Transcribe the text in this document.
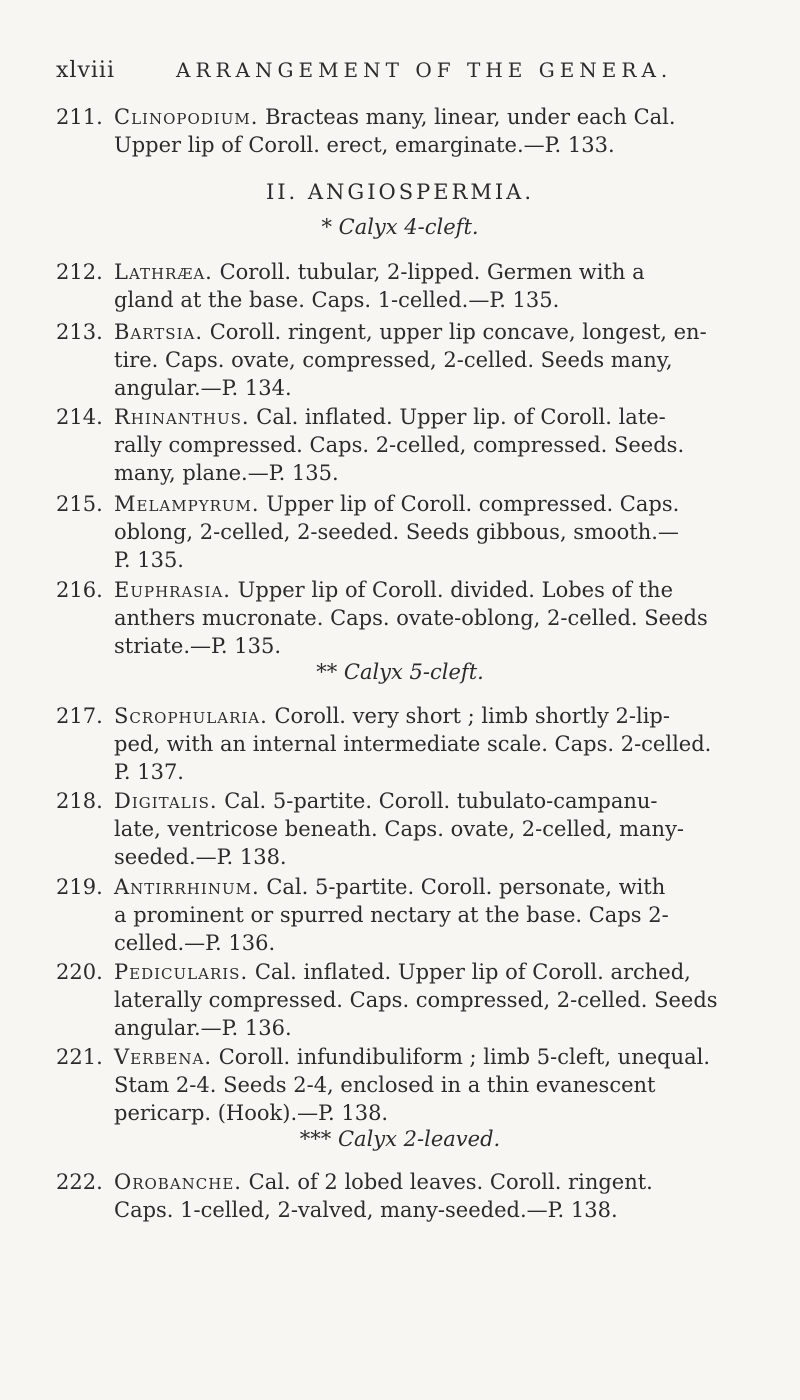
xlviii	ARRANGEMENT OF THE GENERA.
211. Clinopodium. Bracteas many, linear, under each Cal.
Upper lip of Coroll. erect, emarginate.—P. 133.
II. ANGIOSPERMIA.
* Calyx 4-cleft.
212. Lathræa. Coroll. tubular, 2-lipped. Germen with a
gland at the base. Caps. 1-celled.—P. 135.
213. Bartsia. Coroll. ringent, upper lip concave, longest, en-
tire. Caps. ovate, compressed, 2-celled. Seeds many,
angular.—P. 134.
214. Rhinanthus. Cal. inflated. Upper lip. of Coroll. late-
rally compressed. Caps. 2-celled, compressed. Seeds.
many, plane.—P. 135.
215. Melampyrum. Upper lip of Coroll. compressed. Caps.
oblong, 2-celled, 2-seeded. Seeds gibbous, smooth.—
P. 135.
216. Euphrasia. Upper lip of Coroll. divided. Lobes of the
anthers mucronate. Caps. ovate-oblong, 2-celled. Seeds
striate.—P. 135.
** Calyx 5-cleft.
217. Scrophularia. Coroll. very short ; limb shortly 2-lip-
ped, with an internal intermediate scale. Caps. 2-celled.
P. 137.
218. Digitalis. Cal. 5-partite. Coroll. tubulato-campanu-
late, ventricose beneath. Caps. ovate, 2-celled, many-
seeded.—P. 138.
219. Antirrhinum. Cal. 5-partite. Coroll. personate, with
a prominent or spurred nectary at the base. Caps 2-
celled.—P. 136.
220. Pedicularis. Cal. inflated. Upper lip of Coroll. arched,
laterally compressed. Caps. compressed, 2-celled. Seeds
angular.—P. 136.
221. Verbena. Coroll. infundibuliform ; limb 5-cleft, unequal.
Stam 2-4. Seeds 2-4, enclosed in a thin evanescent
pericarp. (Hook).—P. 138.
*** Calyx 2-leaved.
222. Orobanche. Cal. of 2 lobed leaves. Coroll. ringent.
Caps. 1-celled, 2-valved, many-seeded.—P. 138.
